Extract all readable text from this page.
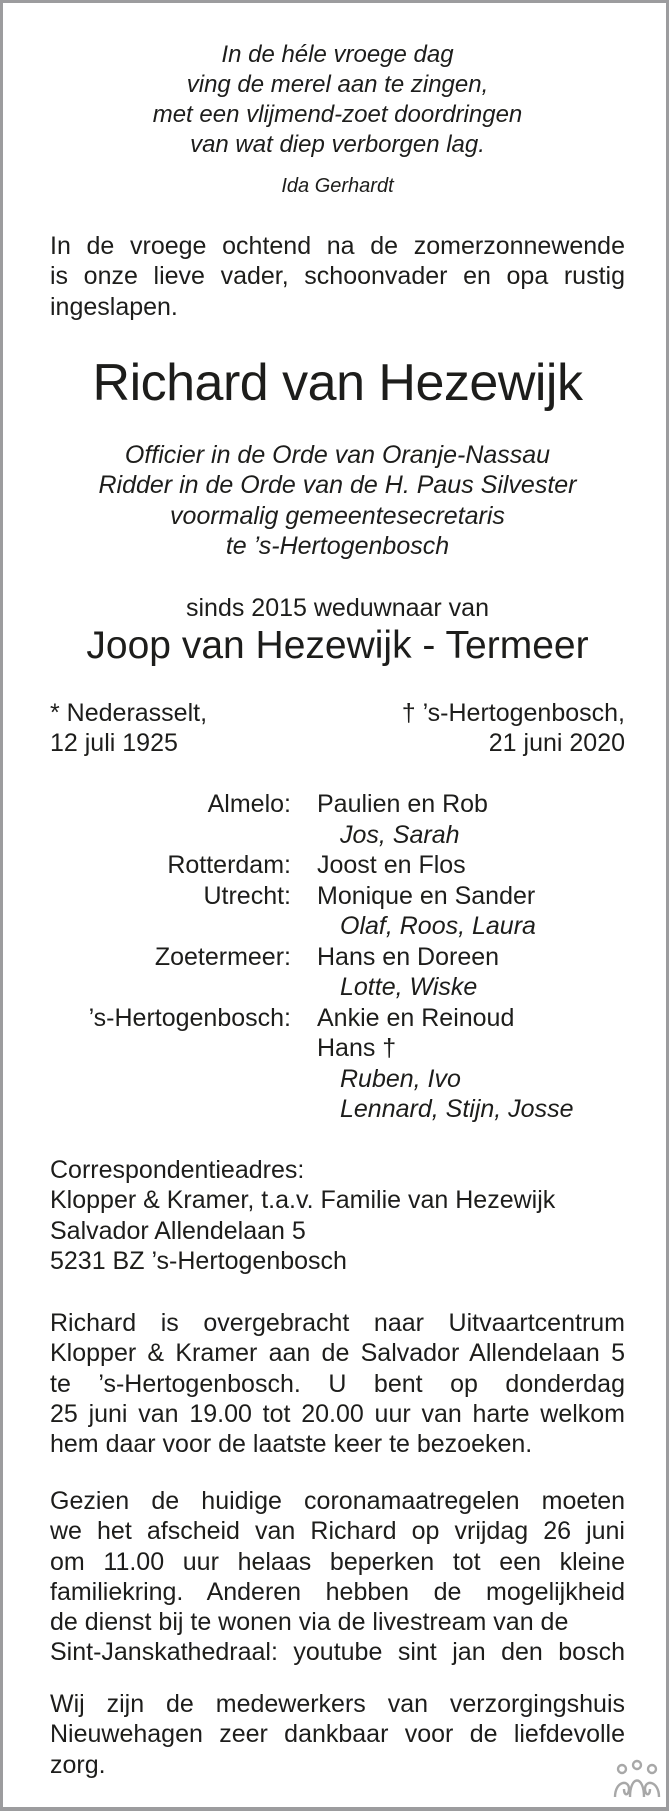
In de héle vroege dag
ving de merel aan te zingen,
met een vlijmend-zoet doordringen
van wat diep verborgen lag.
Ida Gerhardt
In de vroege ochtend na de zomerzonnewende
is onze lieve vader, schoonvader en opa rustig
ingeslapen.
Richard van Hezewijk
Officier in de Orde van Oranje-Nassau
Ridder in de Orde van de H. Paus Silvester
voormalig gemeentesecretaris
te ’s-Hertogenbosch
sinds 2015 weduwnaar van
Joop van Hezewijk - Termeer
* Nederasselt,	† ’s-Hertogenbosch,
12 juli 1925	21 juni 2020
Almelo: Paulien en Rob
Jos, Sarah
Rotterdam: Joost en Flos
Utrecht: Monique en Sander
Olaf, Roos, Laura
Zoetermeer: Hans en Doreen
Lotte, Wiske
’s-Hertogenbosch: Ankie en Reinoud
Hans †
Ruben, Ivo
Lennard, Stijn, Josse
Correspondentieadres:
Klopper & Kramer, t.a.v. Familie van Hezewijk
Salvador Allendelaan 5
5231 BZ ’s-Hertogenbosch
Richard is overgebracht naar Uitvaartcentrum
Klopper & Kramer aan de Salvador Allendelaan 5
te ’s-Hertogenbosch. U bent op donderdag
25 juni van 19.00 tot 20.00 uur van harte welkom
hem daar voor de laatste keer te bezoeken.
Gezien de huidige coronamaatregelen moeten
we het afscheid van Richard op vrijdag 26 juni
om 11.00 uur helaas beperken tot een kleine
familiekring. Anderen hebben de mogelijkheid
de dienst bij te wonen via de livestream van de
Sint-Janskathedraal: youtube sint jan den bosch
Wij zijn de medewerkers van verzorgingshuis
Nieuwehagen zeer dankbaar voor de liefdevolle
zorg.
